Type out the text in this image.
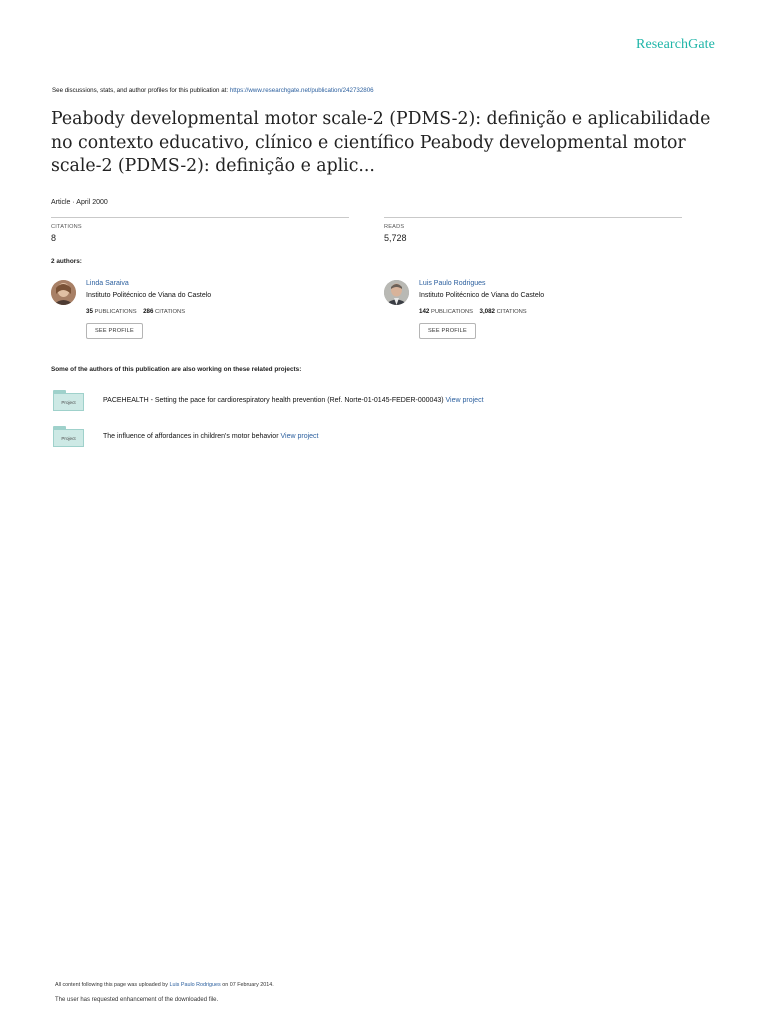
ResearchGate
See discussions, stats, and author profiles for this publication at: https://www.researchgate.net/publication/242732806
Peabody developmental motor scale-2 (PDMS-2): definição e aplicabilidade no contexto educativo, clínico e científico Peabody developmental motor scale-2 (PDMS-2): definição e aplic...
Article · April 2000
CITATIONS
8
READS
5,728
2 authors:
Linda Saraiva
Instituto Politécnico de Viana do Castelo
35 PUBLICATIONS 286 CITATIONS
SEE PROFILE
Luis Paulo Rodrigues
Instituto Politécnico de Viana do Castelo
142 PUBLICATIONS 3,082 CITATIONS
SEE PROFILE
Some of the authors of this publication are also working on these related projects:
Project	PACEHEALTH - Setting the pace for cardiorespiratory health prevention (Ref. Norte-01-0145-FEDER-000043) View project
Project	The influence of affordances in children's motor behavior View project
All content following this page was uploaded by Luis Paulo Rodrigues on 07 February 2014.
The user has requested enhancement of the downloaded file.
